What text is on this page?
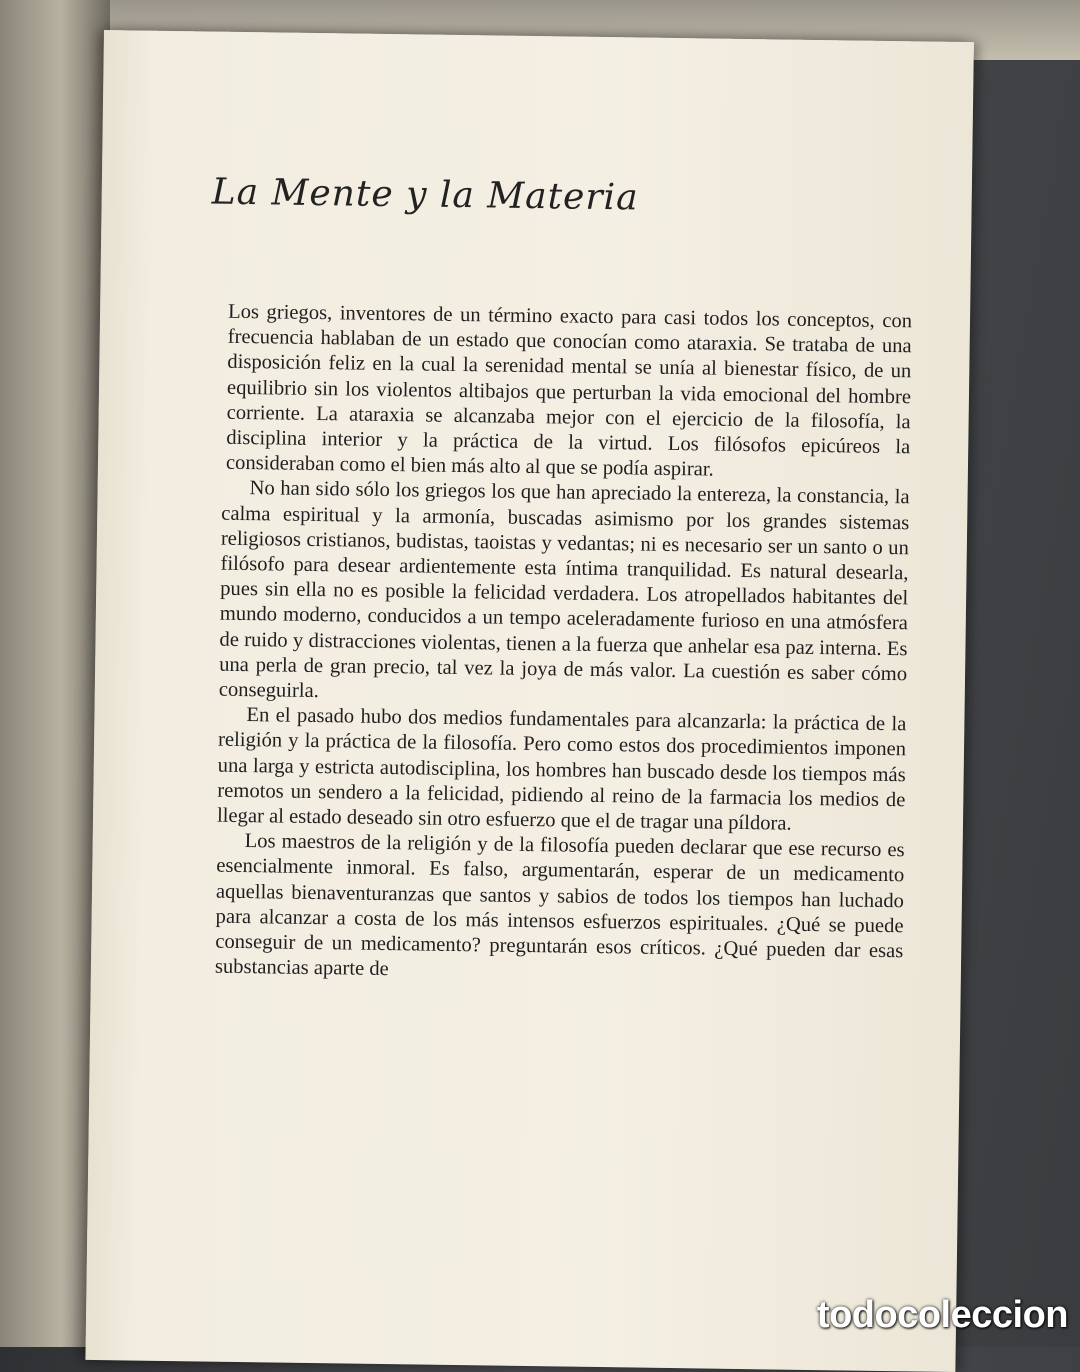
La Mente y la Materia

Los griegos, inventores de un término exacto para casi todos los conceptos, con frecuencia hablaban de un estado que conocían como ataraxia. Se trataba de una disposición feliz en la cual la serenidad mental se unía al bienestar físico, de un equilibrio sin los violentos altibajos que perturban la vida emocional del hombre corriente. La ataraxia se alcanzaba mejor con el ejercicio de la filosofía, la disciplina interior y la práctica de la virtud. Los filósofos epicúreos la consideraban como el bien más alto al que se podía aspirar.

No han sido sólo los griegos los que han apreciado la entereza, la constancia, la calma espiritual y la armonía, buscadas asimismo por los grandes sistemas religiosos cristianos, budistas, taoistas y vedantas; ni es necesario ser un santo o un filósofo para desear ardientemente esta íntima tranquilidad. Es natural desearla, pues sin ella no es posible la felicidad verdadera. Los atropellados habitantes del mundo moderno, conducidos a un tempo aceleradamente furioso en una atmósfera de ruido y distracciones violentas, tienen a la fuerza que anhelar esa paz interna. Es una perla de gran precio, tal vez la joya de más valor. La cuestión es saber cómo conseguirla.

En el pasado hubo dos medios fundamentales para alcanzarla: la práctica de la religión y la práctica de la filosofía. Pero como estos dos procedimientos imponen una larga y estricta autodisciplina, los hombres han buscado desde los tiempos más remotos un sendero a la felicidad, pidiendo al reino de la farmacia los medios de llegar al estado deseado sin otro esfuerzo que el de tragar una píldora.

Los maestros de la religión y de la filosofía pueden declarar que ese recurso es esencialmente inmoral. Es falso, argumentarán, esperar de un medicamento aquellas bienaventuranzas que santos y sabios de todos los tiempos han luchado para alcanzar a costa de los más intensos esfuerzos espirituales. ¿Qué se puede conseguir de un medicamento? preguntarán esos críticos. ¿Qué pueden dar esas substancias aparte de

todocoleccion
